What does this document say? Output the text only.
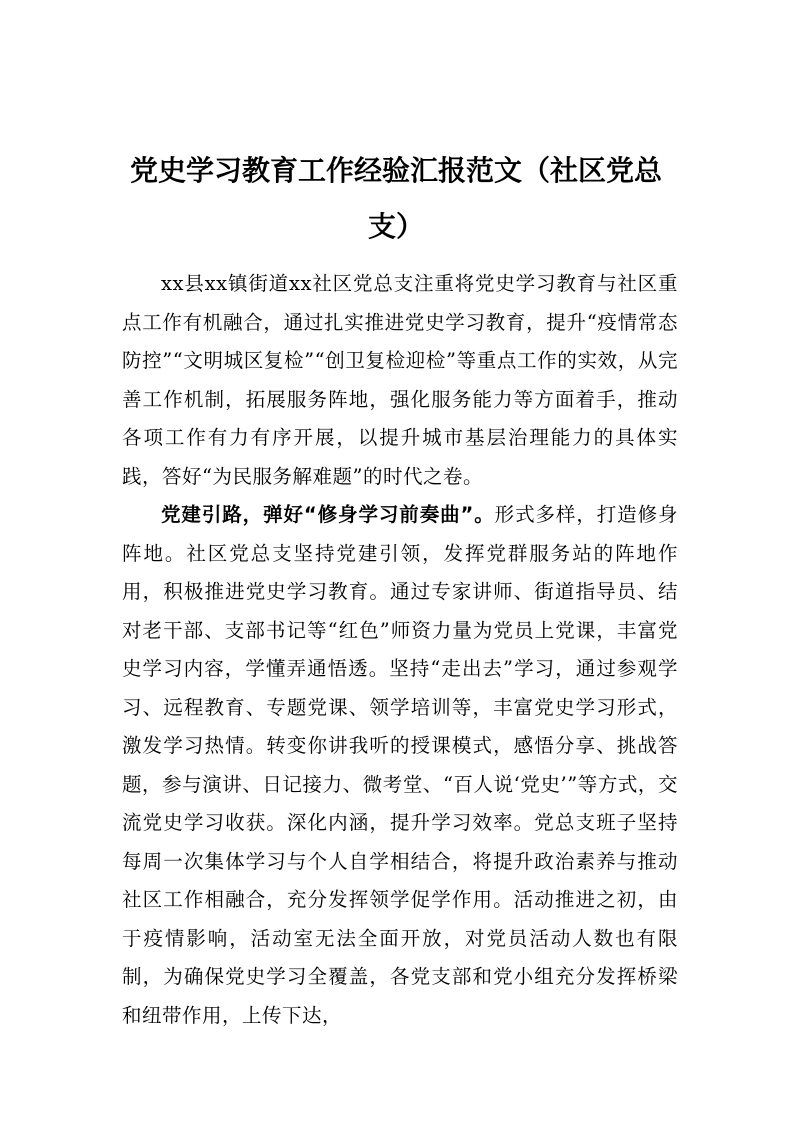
党史学习教育工作经验汇报范文（社区党总支）

xx县xx镇街道xx社区党总支注重将党史学习教育与社区重点工作有机融合，通过扎实推进党史学习教育，提升“疫情常态防控”“文明城区复检”“创卫复检迎检”等重点工作的实效，从完善工作机制，拓展服务阵地，强化服务能力等方面着手，推动各项工作有力有序开展，以提升城市基层治理能力的具体实践，答好“为民服务解难题”的时代之卷。

党建引路，弹好“修身学习前奏曲”。形式多样，打造修身阵地。社区党总支坚持党建引领，发挥党群服务站的阵地作用，积极推进党史学习教育。通过专家讲师、街道指导员、结对老干部、支部书记等“红色”师资力量为党员上党课，丰富党史学习内容，学懂弄通悟透。坚持“走出去”学习，通过参观学习、远程教育、专题党课、领学培训等，丰富党史学习形式，激发学习热情。转变你讲我听的授课模式，感悟分享、挑战答题，参与演讲、日记接力、微考堂、“百人说‘党史’”等方式，交流党史学习收获。深化内涵，提升学习效率。党总支班子坚持每周一次集体学习与个人自学相结合，将提升政治素养与推动社区工作相融合，充分发挥领学促学作用。活动推进之初，由于疫情影响，活动室无法全面开放，对党员活动人数也有限制，为确保党史学习全覆盖，各党支部和党小组充分发挥桥梁和纽带作用，上传下达，
